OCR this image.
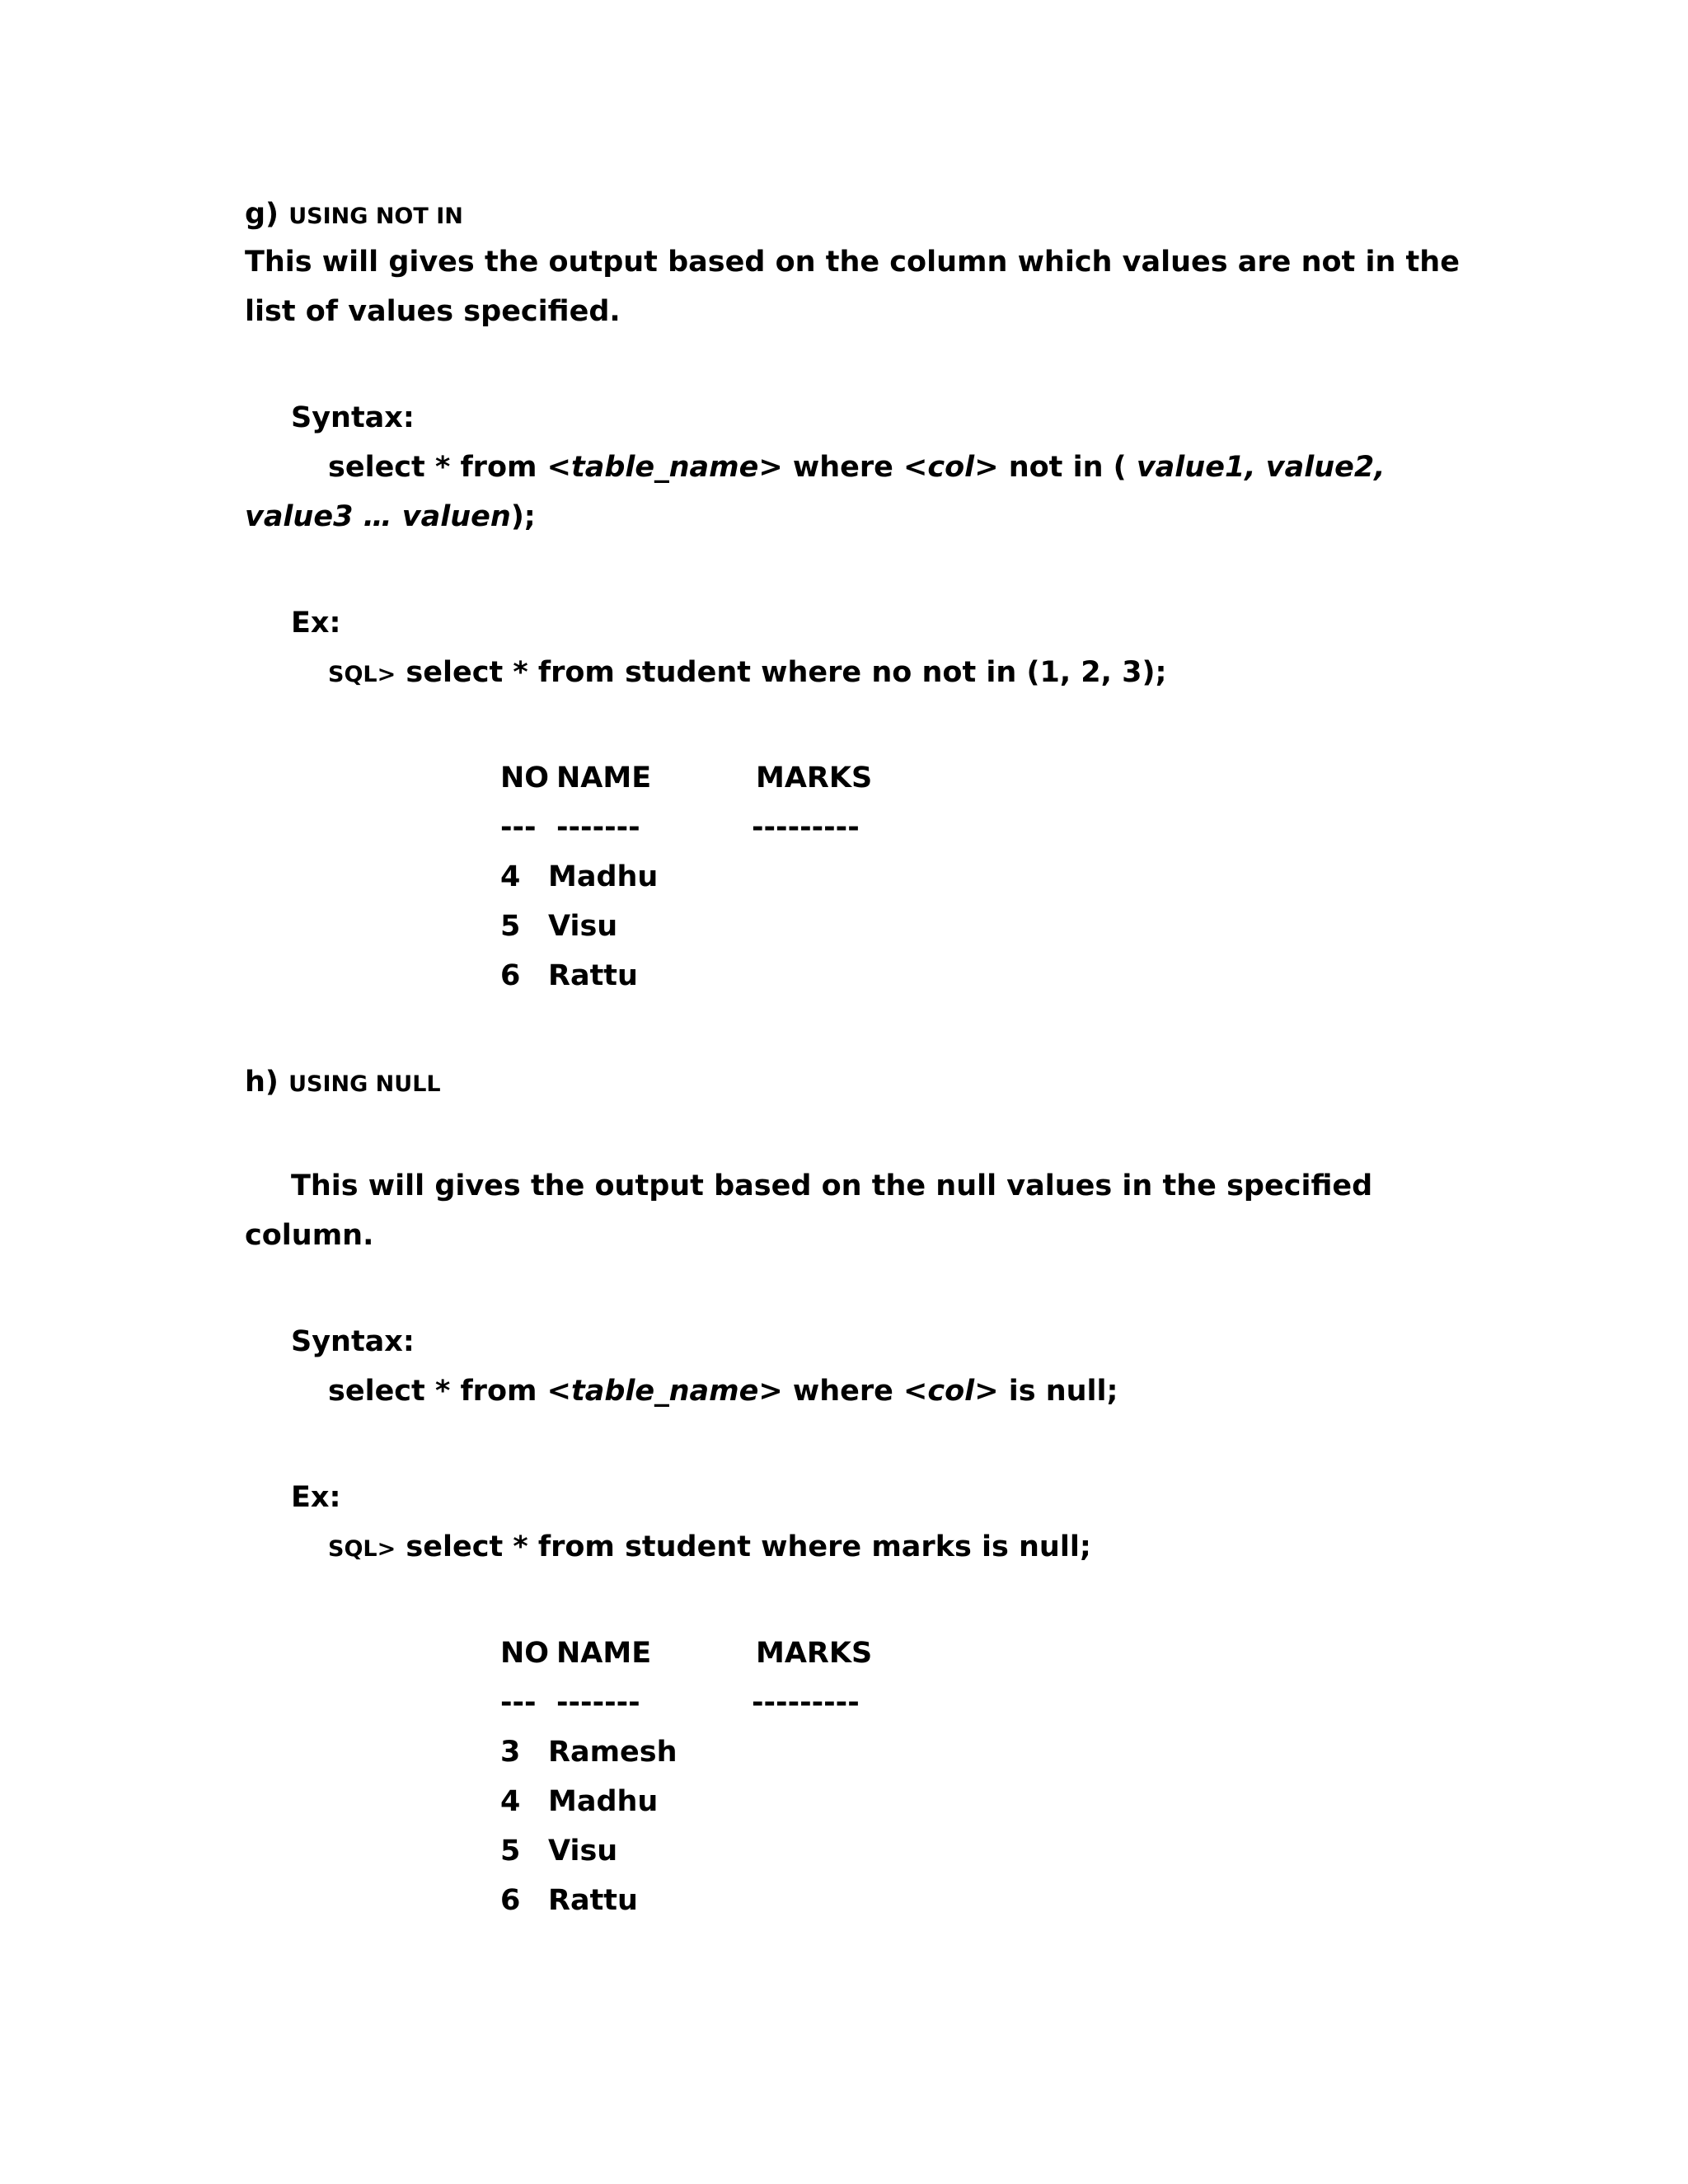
g) USING NOT IN
This will gives the output based on the column which values are not in the
list of values specified.
Syntax:
select * from <table_name> where <col> not in ( value1, value2,
value3 … valuen);
Ex:
SQL> select * from student where no not in (1, 2, 3);
NO NAME	MARKS
--- -------	---------
4 Madhu
5 Visu
6 Rattu
h) USING NULL
This will gives the output based on the null values in the specified
column.
Syntax:
select * from <table_name> where <col> is null;
Ex:
SQL> select * from student where marks is null;
NO NAME	MARKS
--- -------	---------
3 Ramesh
4 Madhu
5 Visu
6 Rattu
